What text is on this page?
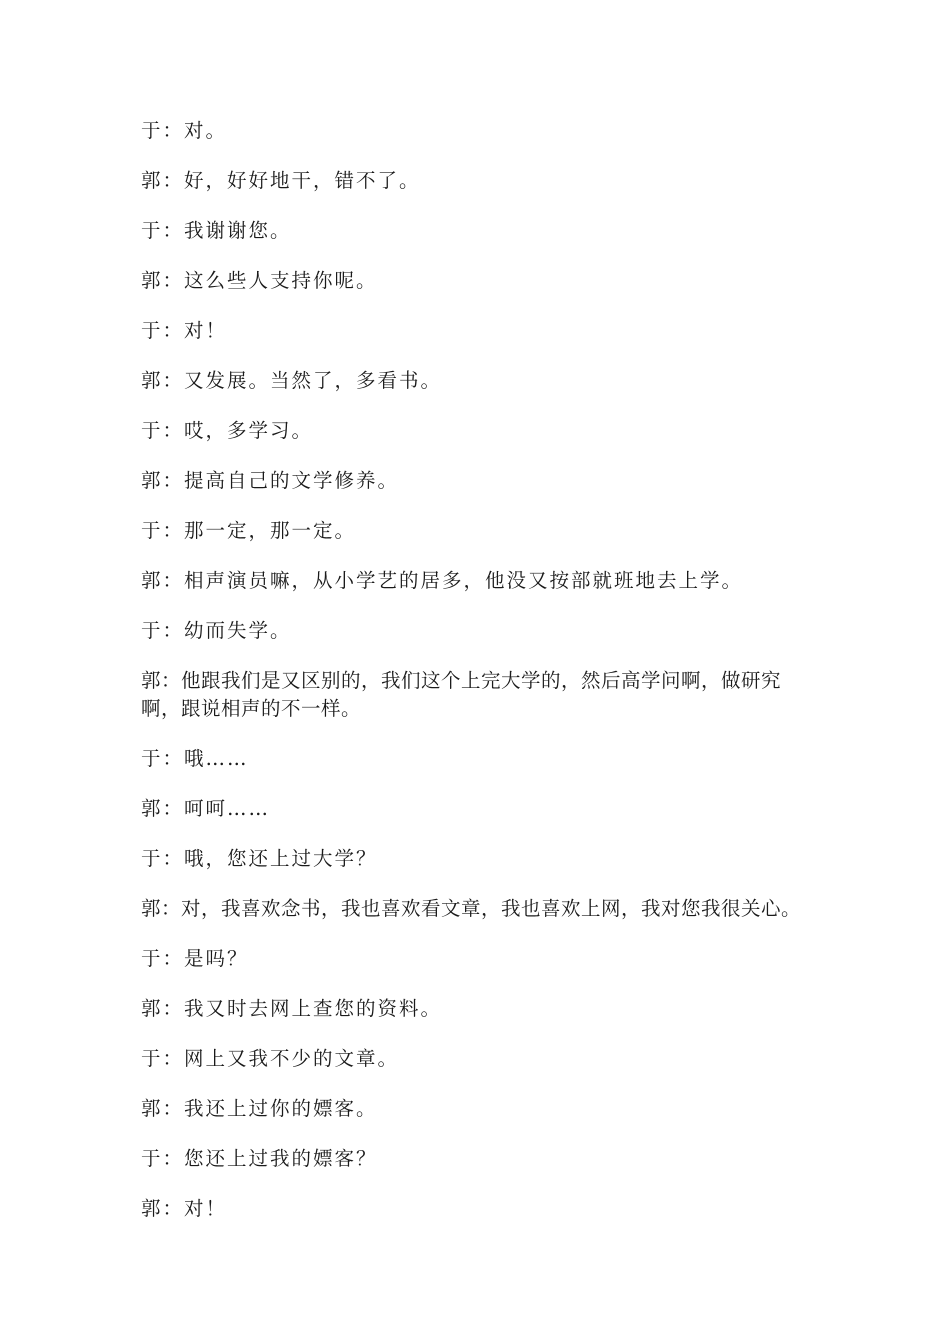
于：对。

郭：好，好好地干，错不了。

于：我谢谢您。

郭：这么些人支持你呢。

于：对！

郭：又发展。当然了，多看书。

于：哎，多学习。

郭：提高自己的文学修养。

于：那一定，那一定。

郭：相声演员嘛，从小学艺的居多，他没又按部就班地去上学。

于：幼而失学。

郭：他跟我们是又区别的，我们这个上完大学的，然后高学问啊，做研究啊，跟说相声的不一样。

于：哦……

郭：呵呵……

于：哦，您还上过大学？

郭：对，我喜欢念书，我也喜欢看文章，我也喜欢上网，我对您我很关心。

于：是吗？

郭：我又时去网上查您的资料。

于：网上又我不少的文章。

郭：我还上过你的嫖客。

于：您还上过我的嫖客？

郭：对！
